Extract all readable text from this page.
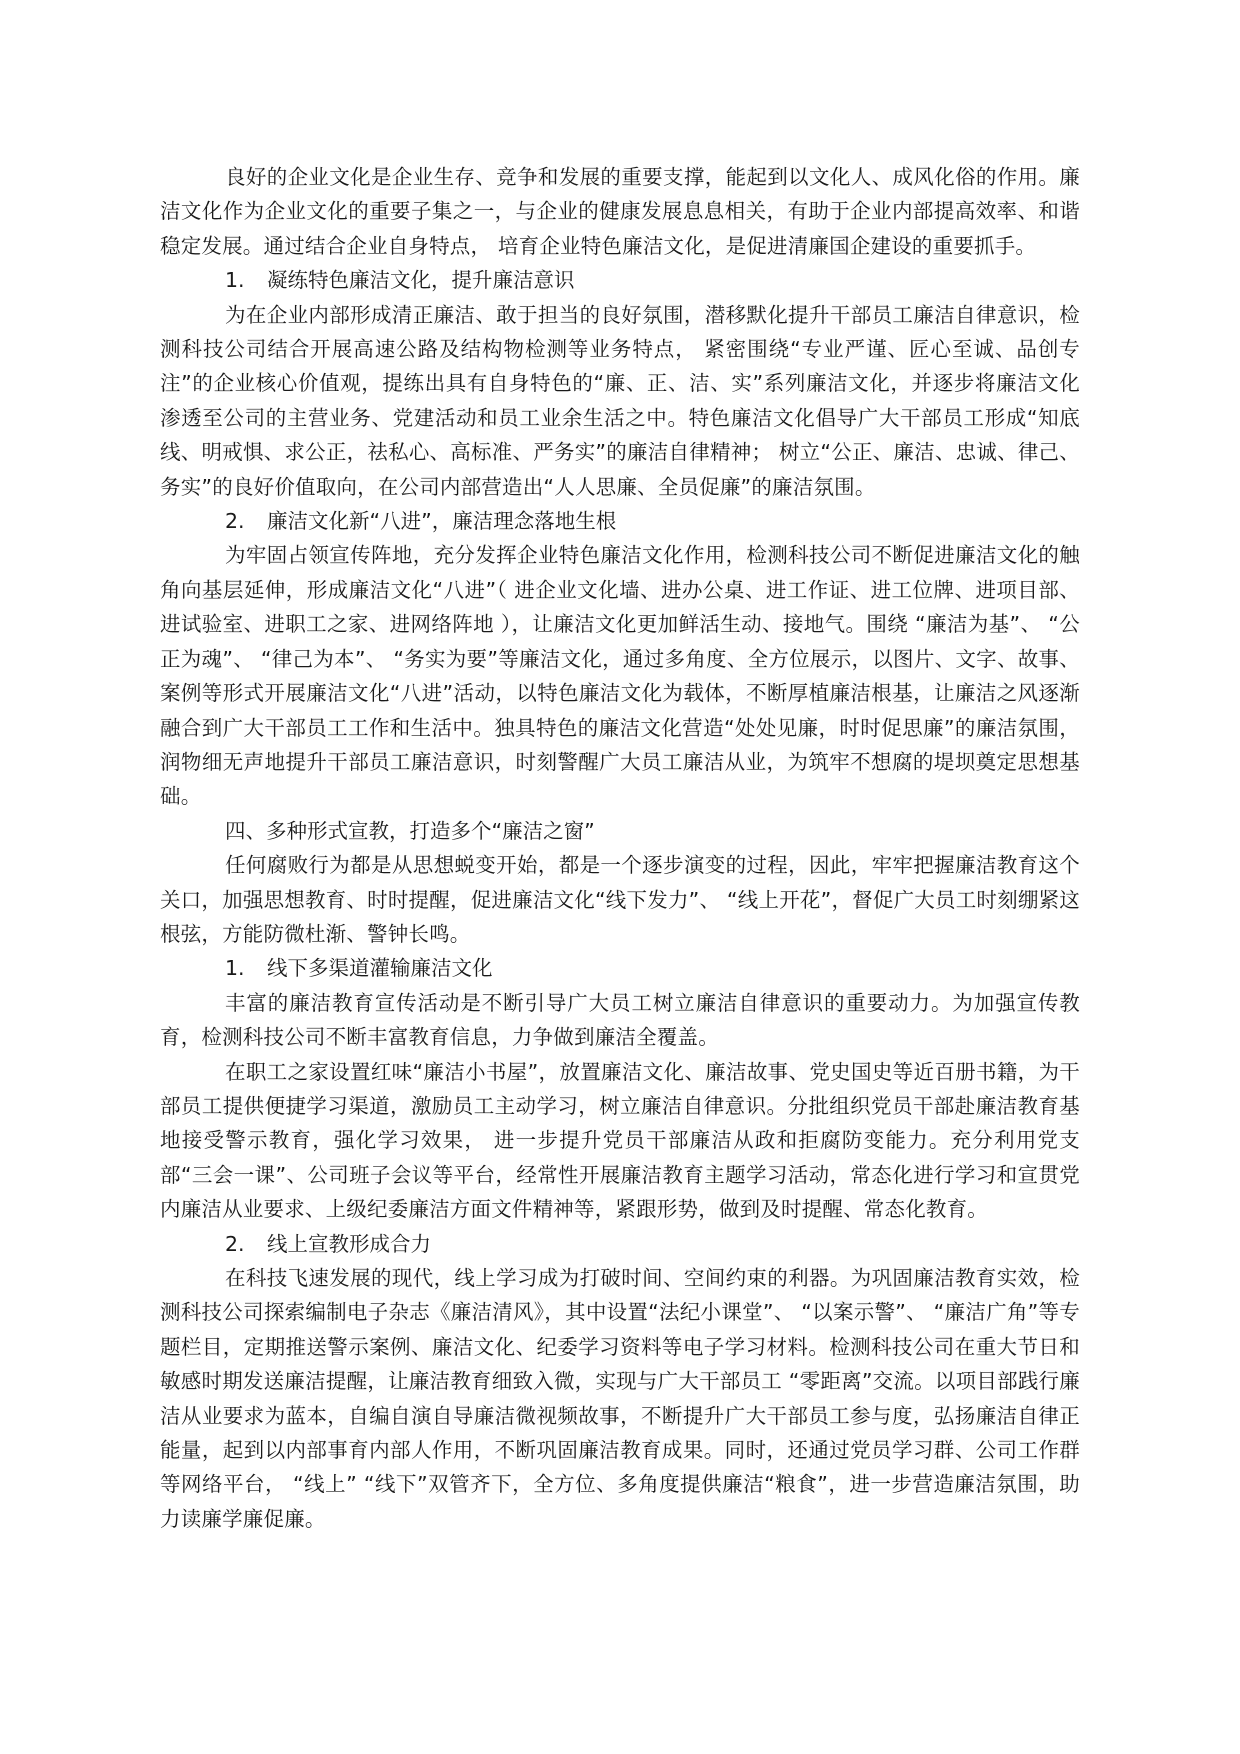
良好的企业文化是企业生存、竞争和发展的重要支撑，能起到以文化人、成风化俗的作用。廉洁文化作为企业文化的重要子集之一，与企业的健康发展息息相关，有助于企业内部提高效率、和谐稳定发展。通过结合企业自身特点， 培育企业特色廉洁文化，是促进清廉国企建设的重要抓手。

1. 凝练特色廉洁文化，提升廉洁意识

为在企业内部形成清正廉洁、敢于担当的良好氛围，潜移默化提升干部员工廉洁自律意识，检测科技公司结合开展高速公路及结构物检测等业务特点， 紧密围绕“专业严谨、匠心至诚、品创专注”的企业核心价值观，提练出具有自身特色的“廉、正、洁、实”系列廉洁文化，并逐步将廉洁文化渗透至公司的主营业务、党建活动和员工业余生活之中。特色廉洁文化倡导广大干部员工形成“知底线、明戒惧、求公正，祛私心、高标准、严务实”的廉洁自律精神； 树立“公正、廉洁、忠诚、律己、务实”的良好价值取向，在公司内部营造出“人人思廉、全员促廉”的廉洁氛围。

2. 廉洁文化新“八进”，廉洁理念落地生根

为牢固占领宣传阵地，充分发挥企业特色廉洁文化作用，检测科技公司不断促进廉洁文化的触角向基层延伸，形成廉洁文化“八进”（ 进企业文化墙、进办公桌、进工作证、进工位牌、进项目部、进试验室、进职工之家、进网络阵地 ），让廉洁文化更加鲜活生动、接地气。围绕 “廉洁为基”、 “公正为魂”、 “律己为本”、 “务实为要”等廉洁文化，通过多角度、全方位展示，以图片、文字、故事、案例等形式开展廉洁文化“八进”活动，以特色廉洁文化为载体，不断厚植廉洁根基，让廉洁之风逐渐融合到广大干部员工工作和生活中。独具特色的廉洁文化营造“处处见廉，时时促思廉”的廉洁氛围，润物细无声地提升干部员工廉洁意识，时刻警醒广大员工廉洁从业，为筑牢不想腐的堤坝奠定思想基础。

四、多种形式宣教，打造多个“廉洁之窗”

任何腐败行为都是从思想蜕变开始，都是一个逐步演变的过程，因此，牢牢把握廉洁教育这个关口，加强思想教育、时时提醒，促进廉洁文化“线下发力”、 “线上开花”，督促广大员工时刻绷紧这根弦，方能防微杜渐、警钟长鸣。

1. 线下多渠道灌输廉洁文化

丰富的廉洁教育宣传活动是不断引导广大员工树立廉洁自律意识的重要动力。为加强宣传教育，检测科技公司不断丰富教育信息，力争做到廉洁全覆盖。

在职工之家设置红味“廉洁小书屋”，放置廉洁文化、廉洁故事、党史国史等近百册书籍，为干部员工提供便捷学习渠道，激励员工主动学习，树立廉洁自律意识。分批组织党员干部赴廉洁教育基地接受警示教育，强化学习效果， 进一步提升党员干部廉洁从政和拒腐防变能力。充分利用党支部“三会一课”、公司班子会议等平台，经常性开展廉洁教育主题学习活动，常态化进行学习和宣贯党内廉洁从业要求、上级纪委廉洁方面文件精神等，紧跟形势，做到及时提醒、常态化教育。

2. 线上宣教形成合力

在科技飞速发展的现代，线上学习成为打破时间、空间约束的利器。为巩固廉洁教育实效，检测科技公司探索编制电子杂志《廉洁清风》，其中设置“法纪小课堂”、 “以案示警”、 “廉洁广角”等专题栏目，定期推送警示案例、廉洁文化、纪委学习资料等电子学习材料。检测科技公司在重大节日和敏感时期发送廉洁提醒，让廉洁教育细致入微，实现与广大干部员工 “零距离”交流。以项目部践行廉洁从业要求为蓝本，自编自演自导廉洁微视频故事，不断提升广大干部员工参与度，弘扬廉洁自律正能量，起到以内部事育内部人作用，不断巩固廉洁教育成果。同时，还通过党员学习群、公司工作群等网络平台， “线上” “线下”双管齐下，全方位、多角度提供廉洁“粮食”，进一步营造廉洁氛围，助力读廉学廉促廉。
